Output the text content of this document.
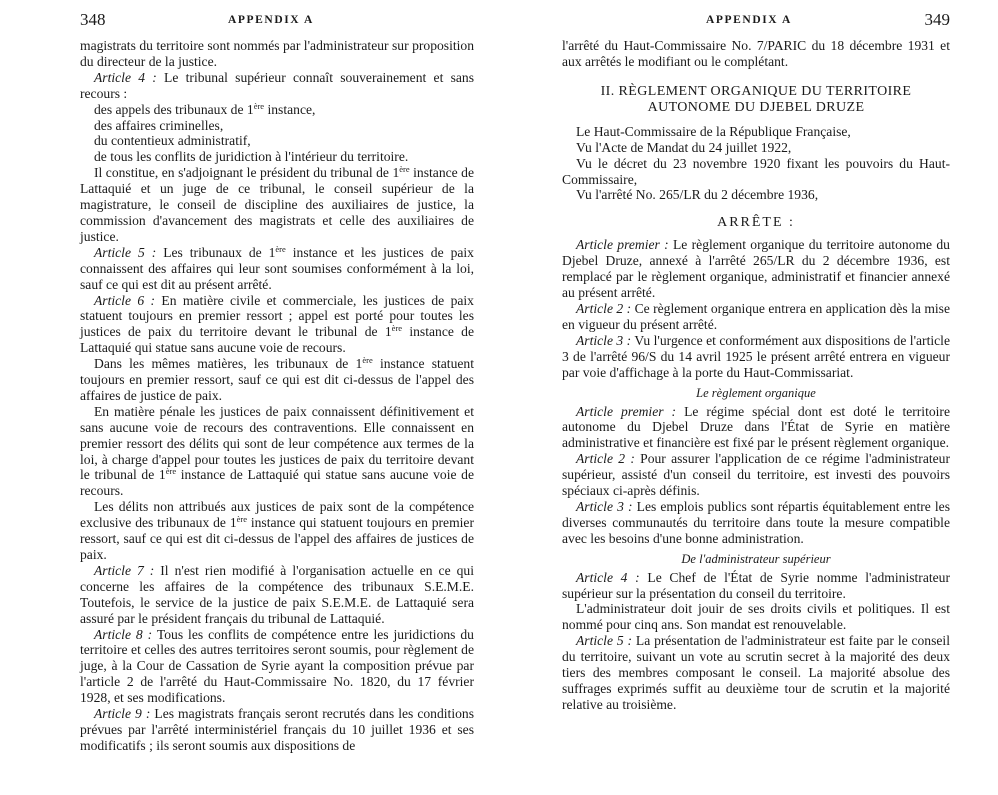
348	APPENDIX A

magistrats du territoire sont nommés par l'administrateur sur proposition du directeur de la justice.

Article 4 : Le tribunal supérieur connaît souverainement et sans recours :

des appels des tribunaux de 1ère instance,
des affaires criminelles,
du contentieux administratif,
de tous les conflits de juridiction à l'intérieur du territoire.

Il constitue, en s'adjoignant le président du tribunal de 1ère instance de Lattaquié et un juge de ce tribunal, le conseil supérieur de la magistrature, le conseil de discipline des auxiliaires de justice, la commission d'avancement des magistrats et celle des auxiliaires de justice.

Article 5 : Les tribunaux de 1ère instance et les justices de paix connaissent des affaires qui leur sont soumises conformément à la loi, sauf ce qui est dit au présent arrêté.

Article 6 : En matière civile et commerciale, les justices de paix statuent toujours en premier ressort ; appel est porté pour toutes les justices de paix du territoire devant le tribunal de 1ère instance de Lattaquié qui statue sans aucune voie de recours.

Dans les mêmes matières, les tribunaux de 1ère instance statuent toujours en premier ressort, sauf ce qui est dit ci-dessus de l'appel des affaires de justice de paix.

En matière pénale les justices de paix connaissent définitivement et sans aucune voie de recours des contraventions. Elle connaissent en premier ressort des délits qui sont de leur compétence aux termes de la loi, à charge d'appel pour toutes les justices de paix du territoire devant le tribunal de 1ère instance de Lattaquié qui statue sans aucune voie de recours.

Les délits non attribués aux justices de paix sont de la compétence exclusive des tribunaux de 1ère instance qui statuent toujours en premier ressort, sauf ce qui est dit ci-dessus de l'appel des affaires de justices de paix.

Article 7 : Il n'est rien modifié à l'organisation actuelle en ce qui concerne les affaires de la compétence des tribunaux S.E.M.E. Toutefois, le service de la justice de paix S.E.M.E. de Lattaquié sera assuré par le président français du tribunal de Lattaquié.

Article 8 : Tous les conflits de compétence entre les juridictions du territoire et celles des autres territoires seront soumis, pour règlement de juge, à la Cour de Cassation de Syrie ayant la composition prévue par l'article 2 de l'arrêté du Haut-Commissaire No. 1820, du 17 février 1928, et ses modifications.

Article 9 : Les magistrats français seront recrutés dans les conditions prévues par l'arrêté interministériel français du 10 juillet 1936 et ses modificatifs ; ils seront soumis aux dispositions de

APPENDIX A	349

l'arrêté du Haut-Commissaire No. 7/PARIC du 18 décembre 1931 et aux arrêtés le modifiant ou le complétant.

II. RÈGLEMENT ORGANIQUE DU TERRITOIRE
AUTONOME DU DJEBEL DRUZE
Le Haut-Commissaire de la République Française,
Vu l'Acte de Mandat du 24 juillet 1922,
Vu le décret du 23 novembre 1920 fixant les pouvoirs du Haut-Commissaire,
Vu l'arrêté No. 265/LR du 2 décembre 1936,
ARRÊTE :

Article premier : Le règlement organique du territoire autonome du Djebel Druze, annexé à l'arrêté 265/LR du 2 décembre 1936, est remplacé par le règlement organique, administratif et financier annexé au présent arrêté.

Article 2 : Ce règlement organique entrera en application dès la mise en vigueur du présent arrêté.

Article 3 : Vu l'urgence et conformément aux dispositions de l'article 3 de l'arrêté 96/S du 14 avril 1925 le présent arrêté entrera en vigueur par voie d'affichage à la porte du Haut-Commissariat.

Le règlement organique

Article premier : Le régime spécial dont est doté le territoire autonome du Djebel Druze dans l'État de Syrie en matière administrative et financière est fixé par le présent règlement organique.

Article 2 : Pour assurer l'application de ce régime l'administrateur supérieur, assisté d'un conseil du territoire, est investi des pouvoirs spéciaux ci-après définis.

Article 3 : Les emplois publics sont répartis équitablement entre les diverses communautés du territoire dans toute la mesure compatible avec les besoins d'une bonne administration.

De l'administrateur supérieur

Article 4 : Le Chef de l'État de Syrie nomme l'administrateur supérieur sur la présentation du conseil du territoire.

L'administrateur doit jouir de ses droits civils et politiques. Il est nommé pour cinq ans. Son mandat est renouvelable.

Article 5 : La présentation de l'administrateur est faite par le conseil du territoire, suivant un vote au scrutin secret à la majorité des deux tiers des membres composant le conseil. La majorité absolue des suffrages exprimés suffit au deuxième tour de scrutin et la majorité relative au troisième.
